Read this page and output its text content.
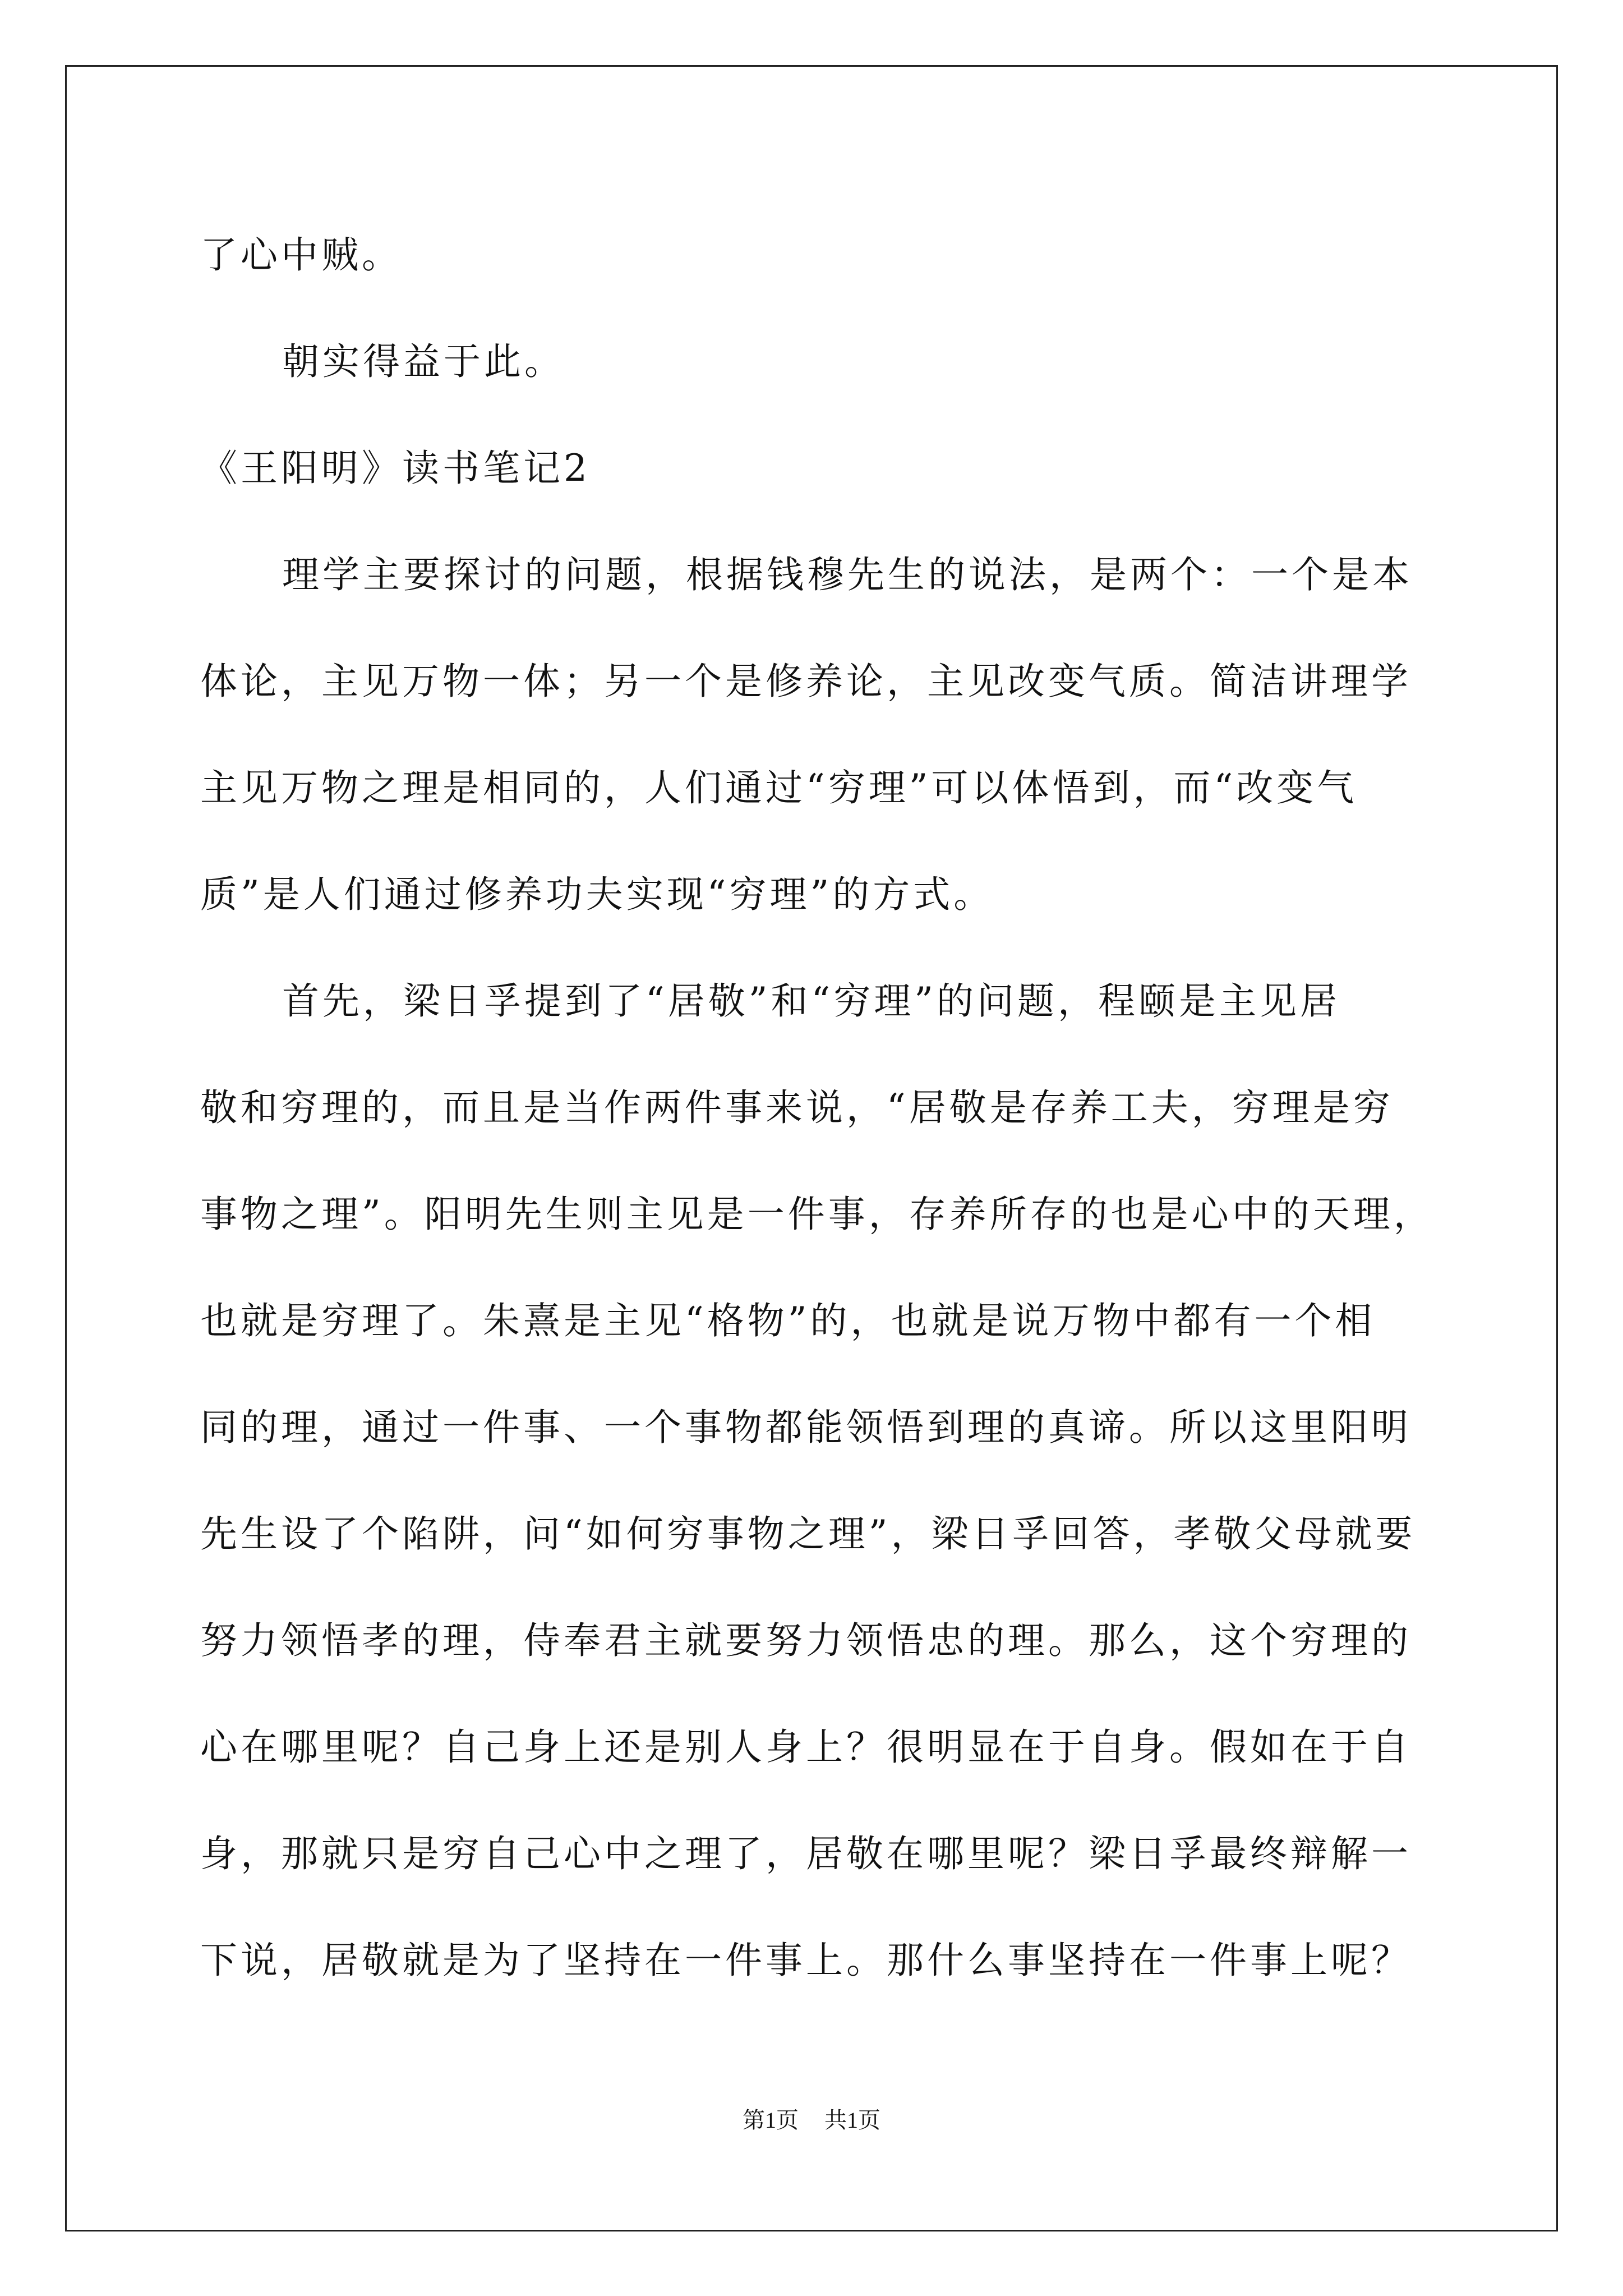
了心中贼。
朝实得益于此。
《王阳明》读书笔记2
理学主要探讨的问题，根据钱穆先生的说法，是两个：一个是本
体论，主见万物一体；另一个是修养论，主见改变气质。简洁讲理学
主见万物之理是相同的，人们通过“穷理”可以体悟到，而“改变气
质”是人们通过修养功夫实现“穷理”的方式。
首先，梁日孚提到了“居敬”和“穷理”的问题，程颐是主见居
敬和穷理的，而且是当作两件事来说，“居敬是存养工夫，穷理是穷
事物之理”。阳明先生则主见是一件事，存养所存的也是心中的天理，
也就是穷理了。朱熹是主见“格物”的，也就是说万物中都有一个相
同的理，通过一件事、一个事物都能领悟到理的真谛。所以这里阳明
先生设了个陷阱，问“如何穷事物之理”，梁日孚回答，孝敬父母就要
努力领悟孝的理，侍奉君主就要努力领悟忠的理。那么，这个穷理的
心在哪里呢？自己身上还是别人身上？很明显在于自身。假如在于自
身，那就只是穷自己心中之理了，居敬在哪里呢？梁日孚最终辩解一
下说，居敬就是为了坚持在一件事上。那什么事坚持在一件事上呢？
第1页 共1页
